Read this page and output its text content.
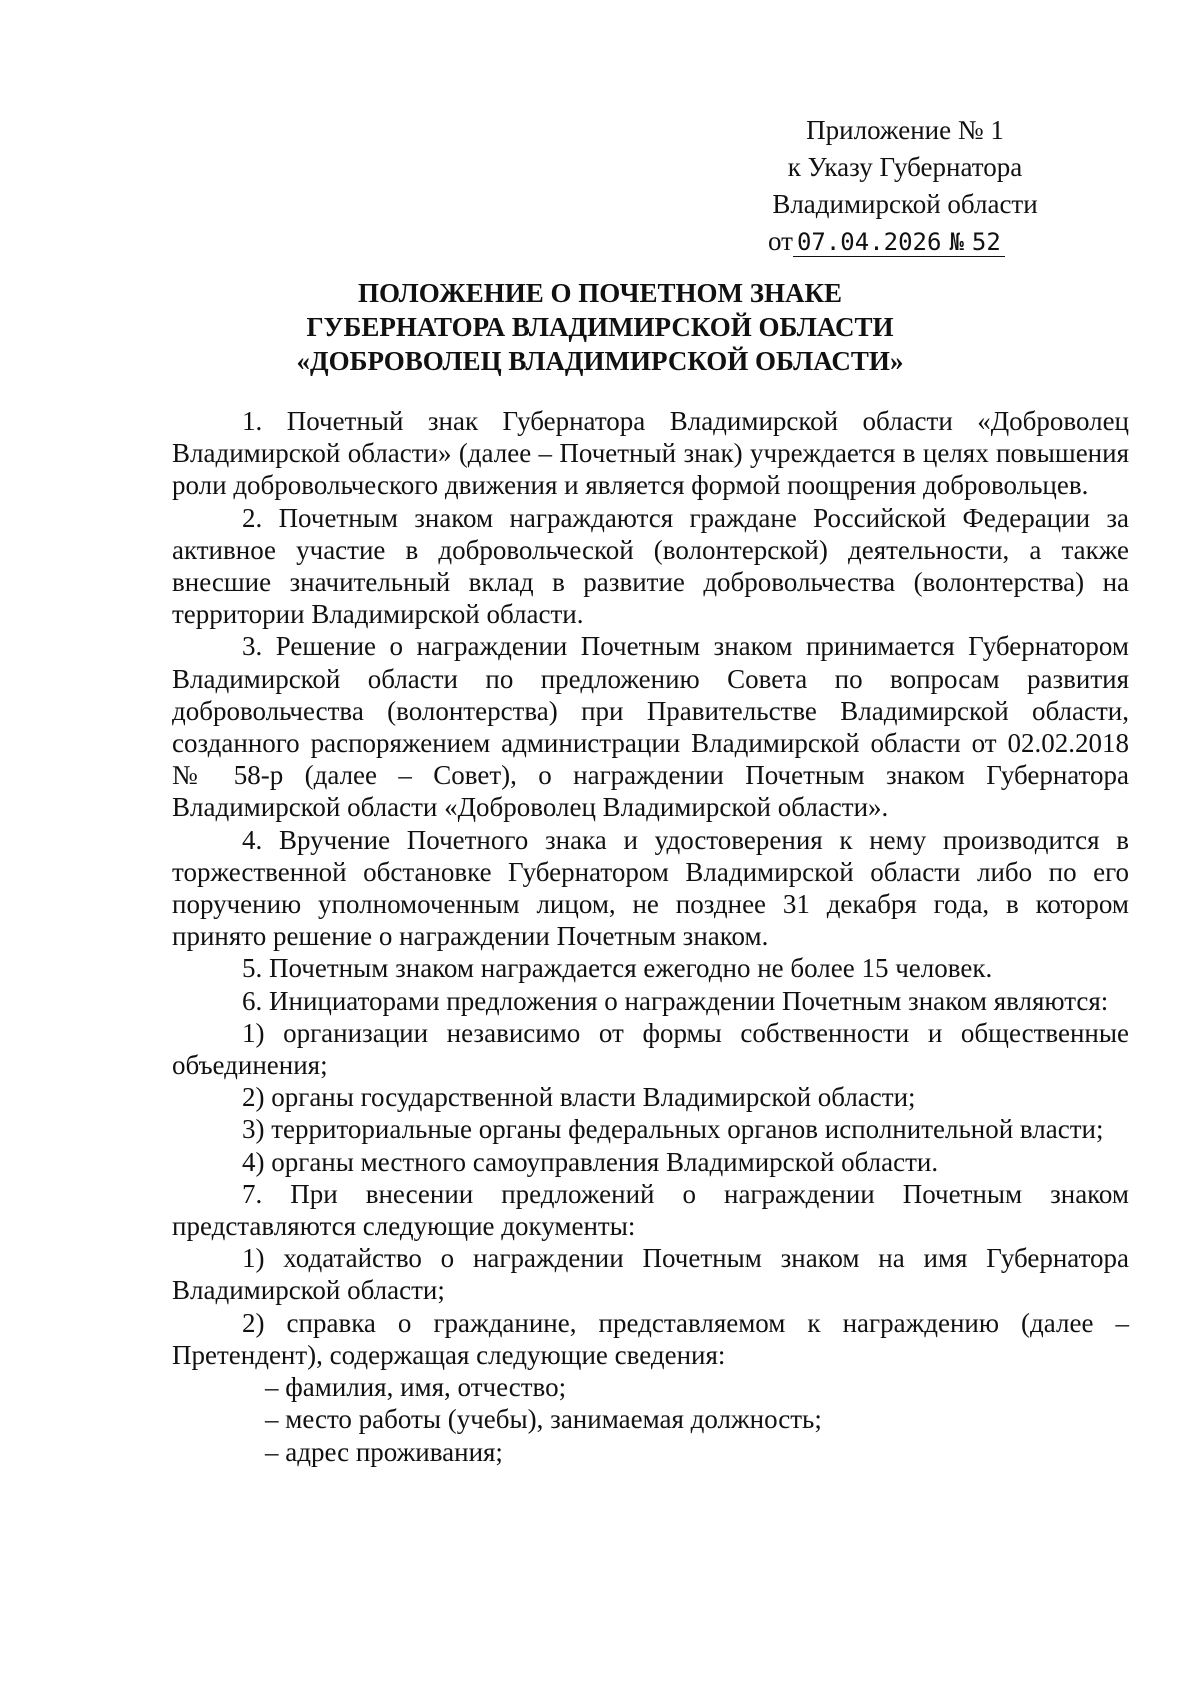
Приложение № 1
к Указу Губернатора
Владимирской области
от 07.04.2026 № 52
ПОЛОЖЕНИЕ О ПОЧЕТНОМ ЗНАКЕ
ГУБЕРНАТОРА ВЛАДИМИРСКОЙ ОБЛАСТИ
«ДОБРОВОЛЕЦ ВЛАДИМИРСКОЙ ОБЛАСТИ»

1. Почетный знак Губернатора Владимирской области «Доброволец Владимирской области» (далее – Почетный знак) учреждается в целях повышения роли добровольческого движения и является формой поощрения добровольцев.

2. Почетным знаком награждаются граждане Российской Федерации за активное участие в добровольческой (волонтерской) деятельности, а также внесшие значительный вклад в развитие добровольчества (волонтерства) на территории Владимирской области.

3. Решение о награждении Почетным знаком принимается Губернатором Владимирской области по предложению Совета по вопросам развития добровольчества (волонтерства) при Правительстве Владимирской области, созданного распоряжением администрации Владимирской области от 02.02.2018 № 58-р (далее – Совет), о награждении Почетным знаком Губернатора Владимирской области «Доброволец Владимирской области».

4. Вручение Почетного знака и удостоверения к нему производится в торжественной обстановке Губернатором Владимирской области либо по его поручению уполномоченным лицом, не позднее 31 декабря года, в котором принято решение о награждении Почетным знаком.

5. Почетным знаком награждается ежегодно не более 15 человек.

6. Инициаторами предложения о награждении Почетным знаком являются:

1) организации независимо от формы собственности и общественные объединения;

2) органы государственной власти Владимирской области;

3) территориальные органы федеральных органов исполнительной власти;

4) органы местного самоуправления Владимирской области.

7. При внесении предложений о награждении Почетным знаком представляются следующие документы:

1) ходатайство о награждении Почетным знаком на имя Губернатора Владимирской области;

2) справка о гражданине, представляемом к награждению (далее – Претендент), содержащая следующие сведения:

– фамилия, имя, отчество;

– место работы (учебы), занимаемая должность;

– адрес проживания;
